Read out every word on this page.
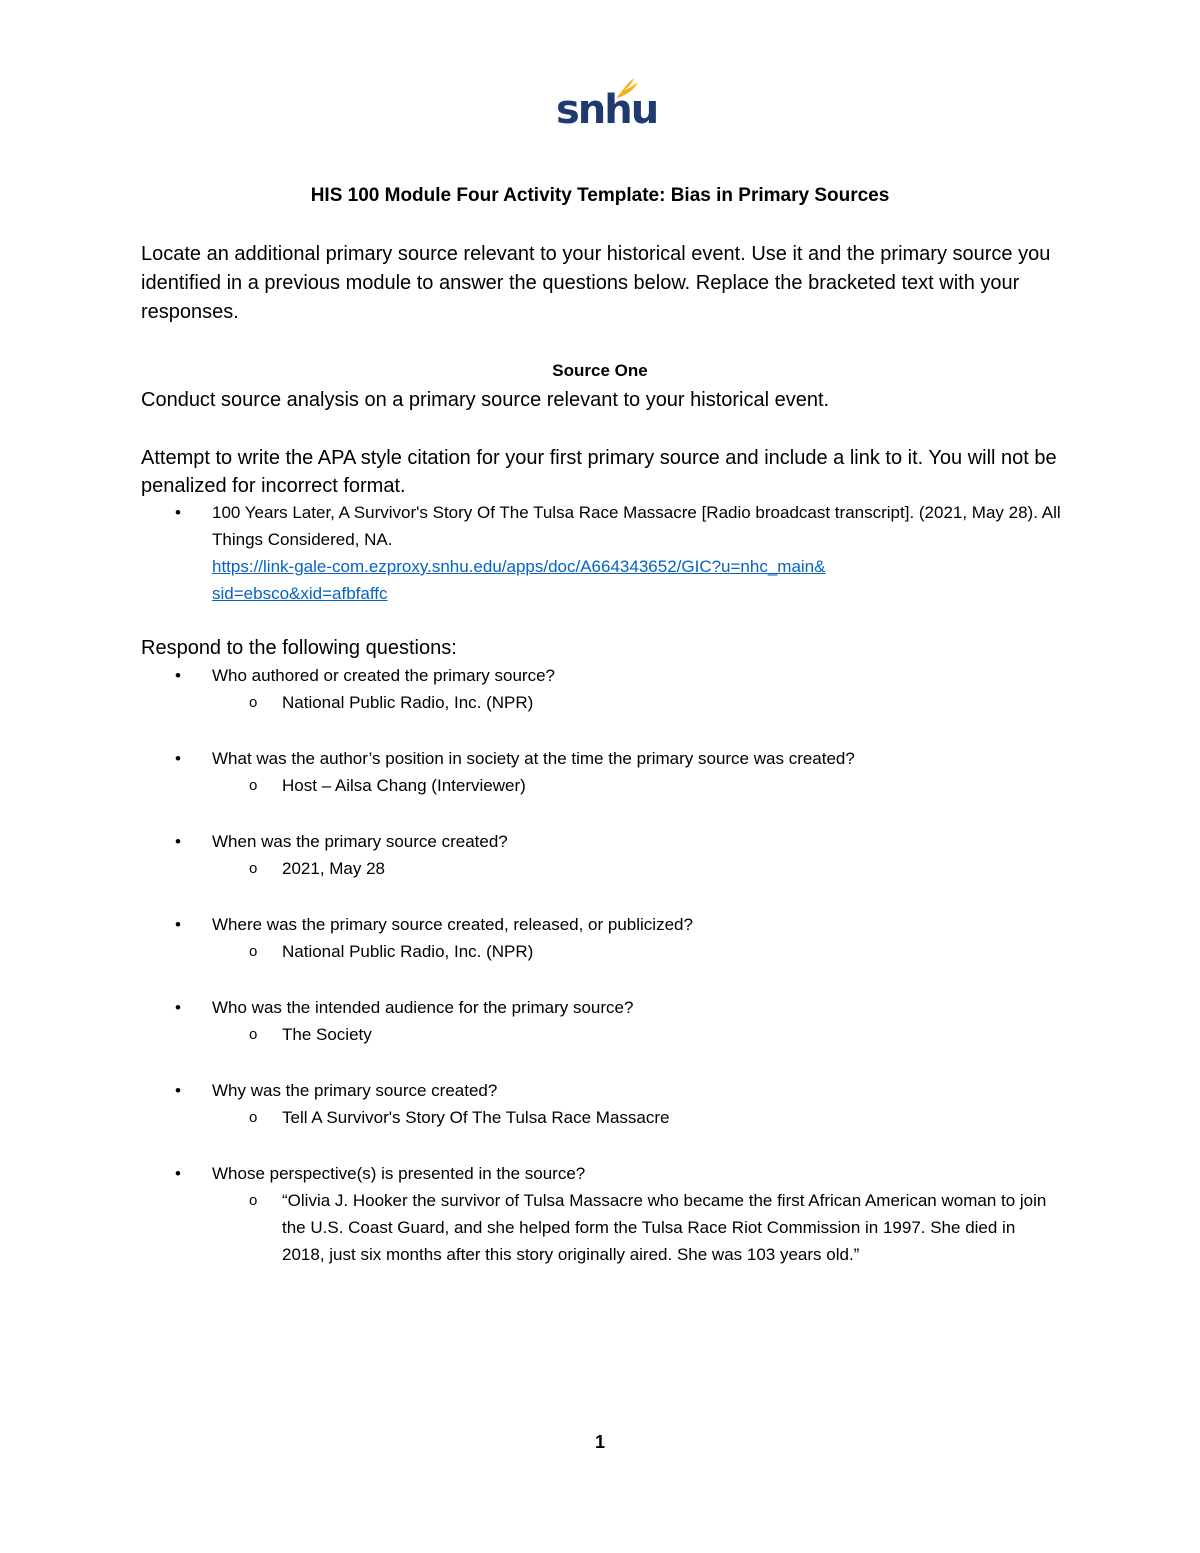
snhu
HIS 100 Module Four Activity Template: Bias in Primary Sources
Locate an additional primary source relevant to your historical event. Use it and the primary source you identified in a previous module to answer the questions below. Replace the bracketed text with your responses.
Source One
Conduct source analysis on a primary source relevant to your historical event.
Attempt to write the APA style citation for your first primary source and include a link to it. You will not be penalized for incorrect format.
•	100 Years Later, A Survivor's Story Of The Tulsa Race Massacre [Radio broadcast transcript]. (2021, May 28). All Things Considered, NA.
https://link-gale-com.ezproxy.snhu.edu/apps/doc/A664343652/GIC?u=nhc_main&sid=ebsco&xid=afbfaffc
Respond to the following questions:
•	Who authored or created the primary source?
o National Public Radio, Inc. (NPR)
•	What was the author’s position in society at the time the primary source was created?
o Host – Ailsa Chang (Interviewer)
•	When was the primary source created?
o 2021, May 28
•	Where was the primary source created, released, or publicized?
o National Public Radio, Inc. (NPR)
•	Who was the intended audience for the primary source?
o The Society
•	Why was the primary source created?
o Tell A Survivor's Story Of The Tulsa Race Massacre
•	Whose perspective(s) is presented in the source?
o “Olivia J. Hooker the survivor of Tulsa Massacre who became the first African American woman to join the U.S. Coast Guard, and she helped form the Tulsa Race Riot Commission in 1997. She died in 2018, just six months after this story originally aired. She was 103 years old.”
1
